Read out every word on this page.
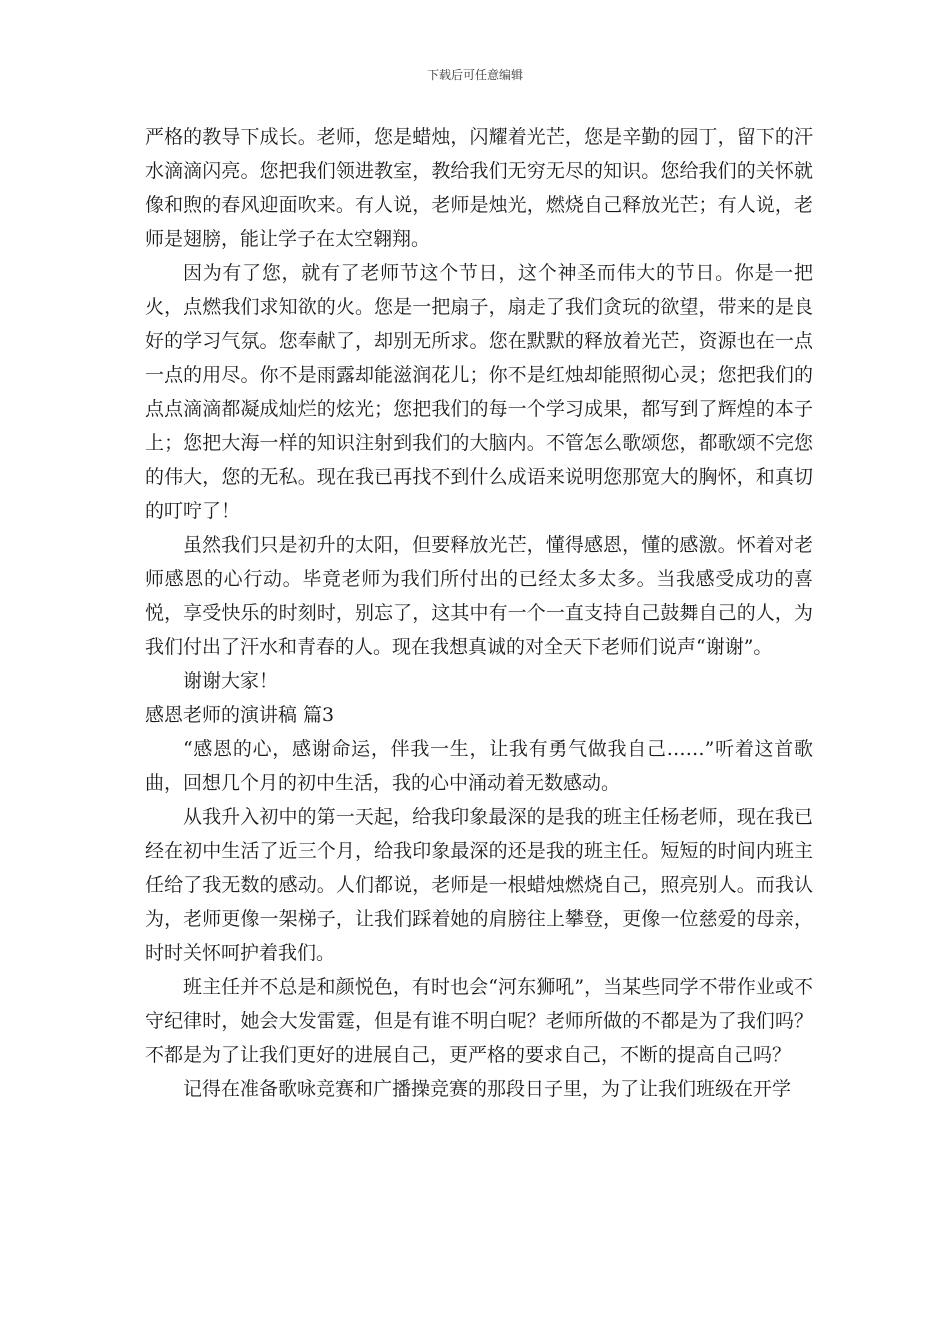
下载后可任意编辑

严格的教导下成长。老师，您是蜡烛，闪耀着光芒，您是辛勤的园丁，留下的汗水滴滴闪亮。您把我们领进教室，教给我们无穷无尽的知识。您给我们的关怀就像和煦的春风迎面吹来。有人说，老师是烛光，燃烧自己释放光芒；有人说，老师是翅膀，能让学子在太空翱翔。

因为有了您，就有了老师节这个节日，这个神圣而伟大的节日。你是一把火，点燃我们求知欲的火。您是一把扇子，扇走了我们贪玩的欲望，带来的是良好的学习气氛。您奉献了，却别无所求。您在默默的释放着光芒，资源也在一点一点的用尽。你不是雨露却能滋润花儿；你不是红烛却能照彻心灵；您把我们的点点滴滴都凝成灿烂的炫光；您把我们的每一个学习成果，都写到了辉煌的本子上；您把大海一样的知识注射到我们的大脑内。不管怎么歌颂您，都歌颂不完您的伟大，您的无私。现在我已再找不到什么成语来说明您那宽大的胸怀，和真切的叮咛了！

虽然我们只是初升的太阳，但要释放光芒，懂得感恩，懂的感激。怀着对老师感恩的心行动。毕竟老师为我们所付出的已经太多太多。当我感受成功的喜悦，享受快乐的时刻时，别忘了，这其中有一个一直支持自己鼓舞自己的人，为我们付出了汗水和青春的人。现在我想真诚的对全天下老师们说声“谢谢”。

谢谢大家！

感恩老师的演讲稿 篇3

“感恩的心，感谢命运，伴我一生，让我有勇气做我自己……”听着这首歌曲，回想几个月的初中生活，我的心中涌动着无数感动。

从我升入初中的第一天起，给我印象最深的是我的班主任杨老师，现在我已经在初中生活了近三个月，给我印象最深的还是我的班主任。短短的时间内班主任给了我无数的感动。人们都说，老师是一根蜡烛燃烧自己，照亮别人。而我认为，老师更像一架梯子，让我们踩着她的肩膀往上攀登，更像一位慈爱的母亲，时时关怀呵护着我们。

班主任并不总是和颜悦色，有时也会“河东狮吼”，当某些同学不带作业或不守纪律时，她会大发雷霆，但是有谁不明白呢？老师所做的不都是为了我们吗？不都是为了让我们更好的进展自己，更严格的要求自己，不断的提高自己吗？

记得在准备歌咏竞赛和广播操竞赛的那段日子里，为了让我们班级在开学
